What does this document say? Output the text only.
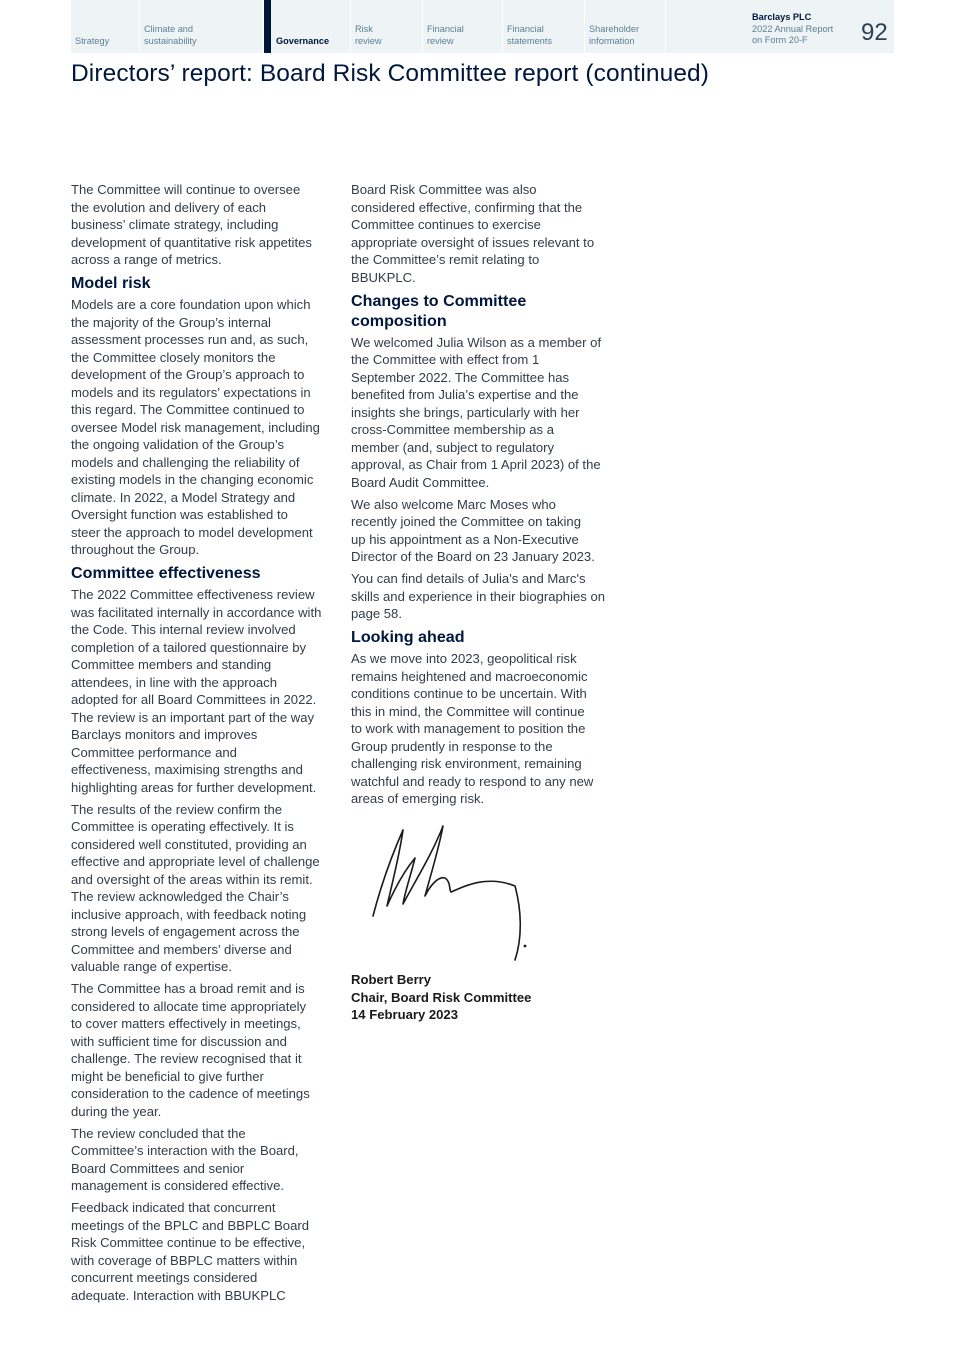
Strategy
Climate and
sustainability	Governance
Risk
review
Financial
review
Financial
statements
Shareholder
information
Barclays PLC
2022 Annual Report
on Form 20-F	92
Directors’ report: Board Risk Committee report (continued)

The Committee will continue to oversee
the evolution and delivery of each
business’ climate strategy, including
development of quantitative risk appetites
across a range of metrics.

Model risk

Models are a core foundation upon which
the majority of the Group’s internal
assessment processes run and, as such,
the Committee closely monitors the
development of the Group’s approach to
models and its regulators’ expectations in
this regard. The Committee continued to
oversee Model risk management, including
the ongoing validation of the Group’s
models and challenging the reliability of
existing models in the changing economic
climate. In 2022, a Model Strategy and
Oversight function was established to
steer the approach to model development
throughout the Group.

Committee effectiveness

The 2022 Committee effectiveness review
was facilitated internally in accordance with
the Code. This internal review involved
completion of a tailored questionnaire by
Committee members and standing
attendees, in line with the approach
adopted for all Board Committees in 2022.
The review is an important part of the way
Barclays monitors and improves
Committee performance and
effectiveness, maximising strengths and
highlighting areas for further development.

The results of the review confirm the
Committee is operating effectively. It is
considered well constituted, providing an
effective and appropriate level of challenge
and oversight of the areas within its remit.
The review acknowledged the Chair’s
inclusive approach, with feedback noting
strong levels of engagement across the
Committee and members’ diverse and
valuable range of expertise.

The Committee has a broad remit and is
considered to allocate time appropriately
to cover matters effectively in meetings,
with sufficient time for discussion and
challenge. The review recognised that it
might be beneficial to give further
consideration to the cadence of meetings
during the year.

The review concluded that the
Committee’s interaction with the Board,
Board Committees and senior
management is considered effective.

Feedback indicated that concurrent
meetings of the BPLC and BBPLC Board
Risk Committee continue to be effective,
with coverage of BBPLC matters within
concurrent meetings considered
adequate. Interaction with BBUKPLC

Board Risk Committee was also
considered effective, confirming that the
Committee continues to exercise
appropriate oversight of issues relevant to
the Committee’s remit relating to
BBUKPLC.

Changes to Committee
composition

We welcomed Julia Wilson as a member of
the Committee with effect from 1
September 2022. The Committee has
benefited from Julia’s expertise and the
insights she brings, particularly with her
cross-Committee membership as a
member (and, subject to regulatory
approval, as Chair from 1 April 2023) of the
Board Audit Committee.

We also welcome Marc Moses who
recently joined the Committee on taking
up his appointment as a Non-Executive
Director of the Board on 23 January 2023.

You can find details of Julia's and Marc's
skills and experience in their biographies on
page 58.

Looking ahead

As we move into 2023, geopolitical risk
remains heightened and macroeconomic
conditions continue to be uncertain. With
this in mind, the Committee will continue
to work with management to position the
Group prudently in response to the
challenging risk environment, remaining
watchful and ready to respond to any new
areas of emerging risk.

Robert Berry
Chair, Board Risk Committee
14 February 2023
